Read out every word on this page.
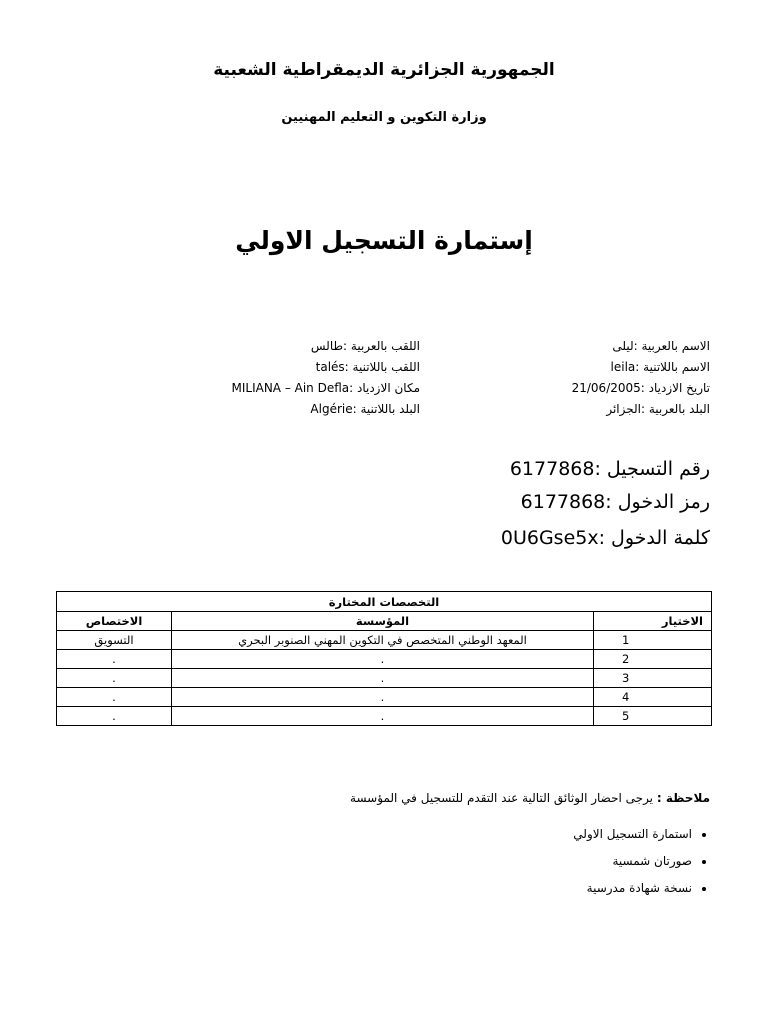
الجمهورية الجزائرية الديمقراطية الشعبية
وزارة التكوين و التعليم المهنيين
إستمارة التسجيل الاولي
الاسم بالعربية :ليلى
الاسم باللاتنية :leila
تاريخ الازدياد :21/06/2005
البلد بالعربية :الجزائر
اللقب بالعربية :طالس
اللقب باللاتنية :talés
مكان الازدياد :MILIANA – Ain Defla
البلد باللاتنية :Algérie
رقم التسجيل :6177868
رمز الدخول :6177868
كلمة الدخول :0U6Gse5x
التخصصات المختارة		
الاختيار	المؤسسة	الاختصاص
1	المعهد الوطني المتخصص في التكوين المهني الصنوبر البحري	التسويق
2	.	.
3	.	.
4	.	.
5	.	.
ملاحظة : يرجى احضار الوثائق التالية عند التقدم للتسجيل في المؤسسة
• استمارة التسجيل الاولي
• صورتان شمسية
• نسخة شهادة مدرسية
